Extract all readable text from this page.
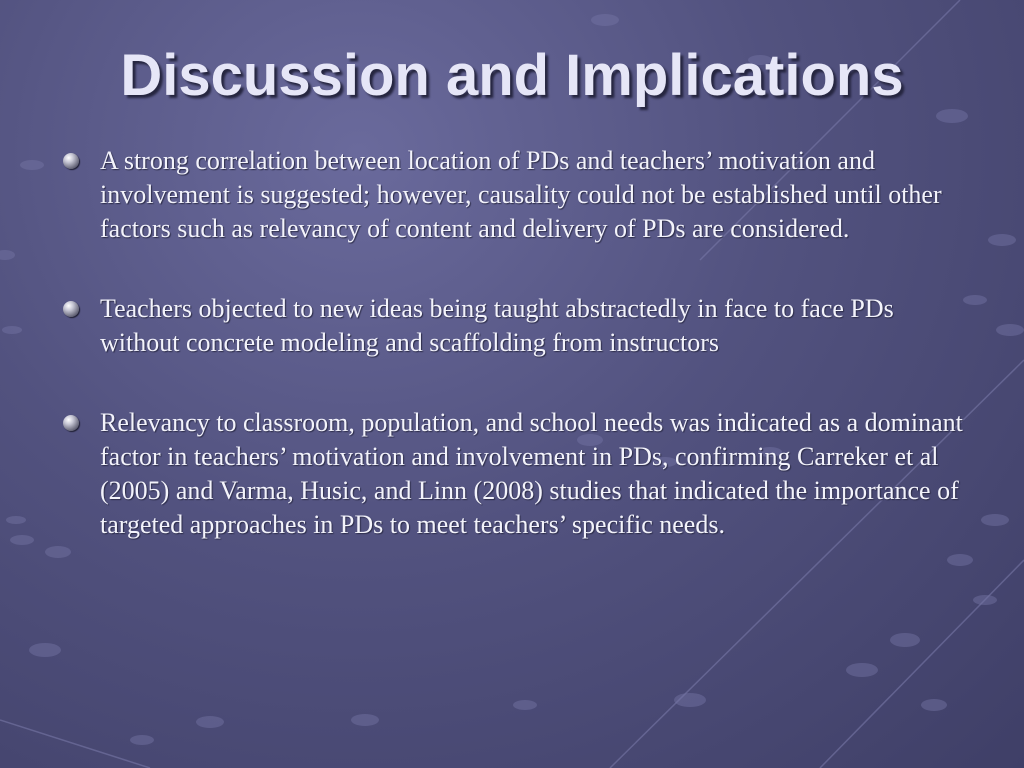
Discussion and Implications
A strong correlation between location of PDs and teachers’ motivation and involvement is suggested; however, causality could not be established until other factors such as relevancy of content and delivery of PDs are considered.
Teachers objected to new ideas being taught abstractedly in face to face PDs without concrete modeling and scaffolding from instructors
Relevancy to classroom, population, and school needs was indicated as a dominant factor in teachers’ motivation and involvement in PDs, confirming Carreker et al (2005) and Varma, Husic, and Linn (2008) studies that indicated the importance of targeted approaches in PDs to meet teachers’ specific needs.
